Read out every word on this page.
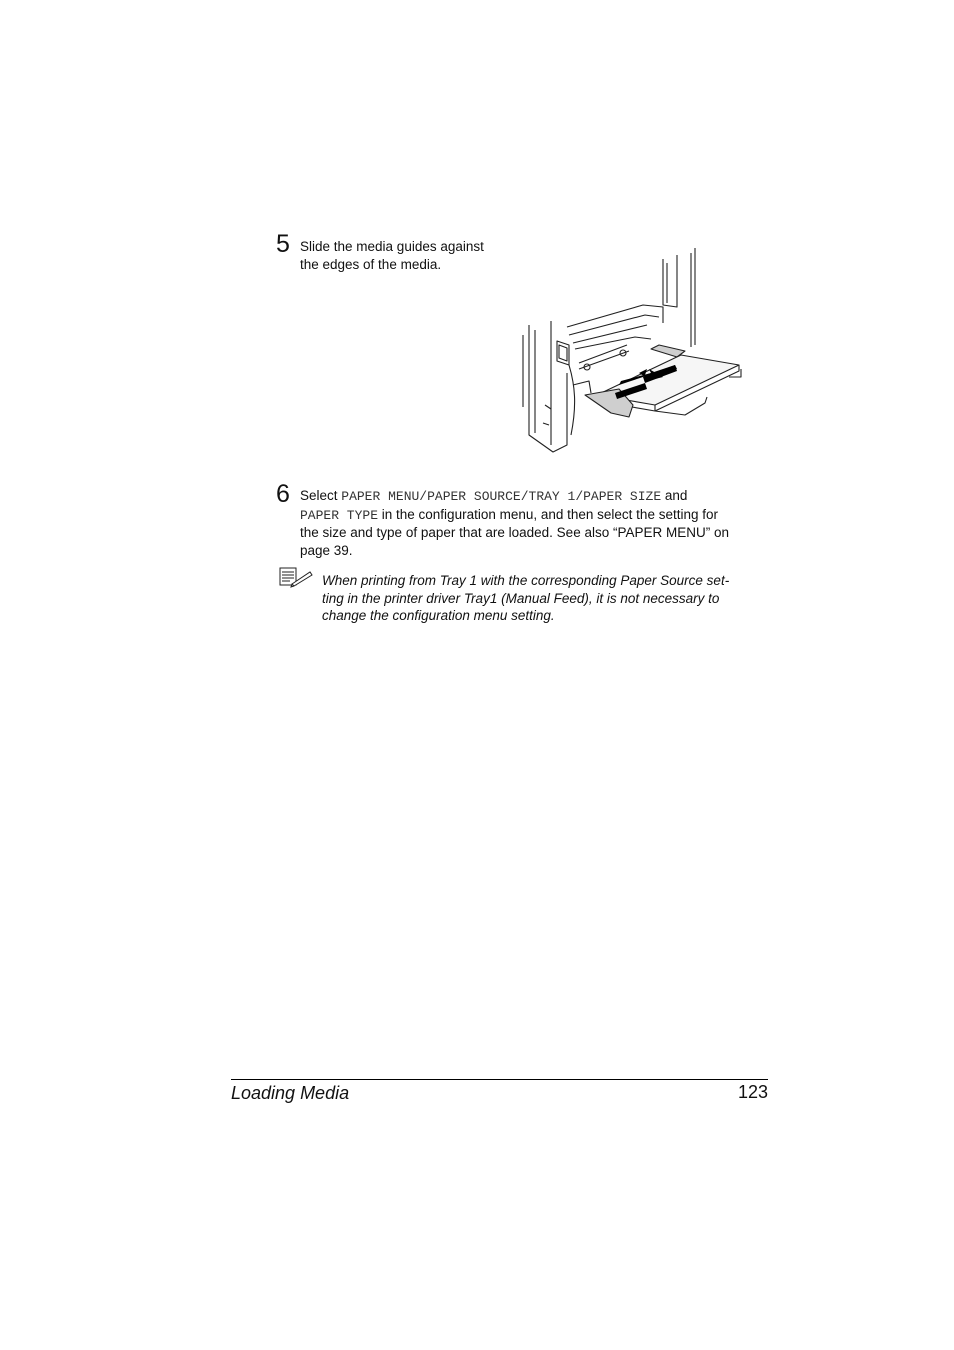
5 Slide the media guides against
the edges of the media.
6 Select PAPER MENU/PAPER SOURCE/TRAY 1/PAPER SIZE and
PAPER TYPE in the configuration menu, and then select the setting for
the size and type of paper that are loaded. See also “PAPER MENU” on
page 39.
When printing from Tray 1 with the corresponding Paper Source set-
ting in the printer driver Tray1 (Manual Feed), it is not necessary to
change the configuration menu setting.
Loading Media	123
